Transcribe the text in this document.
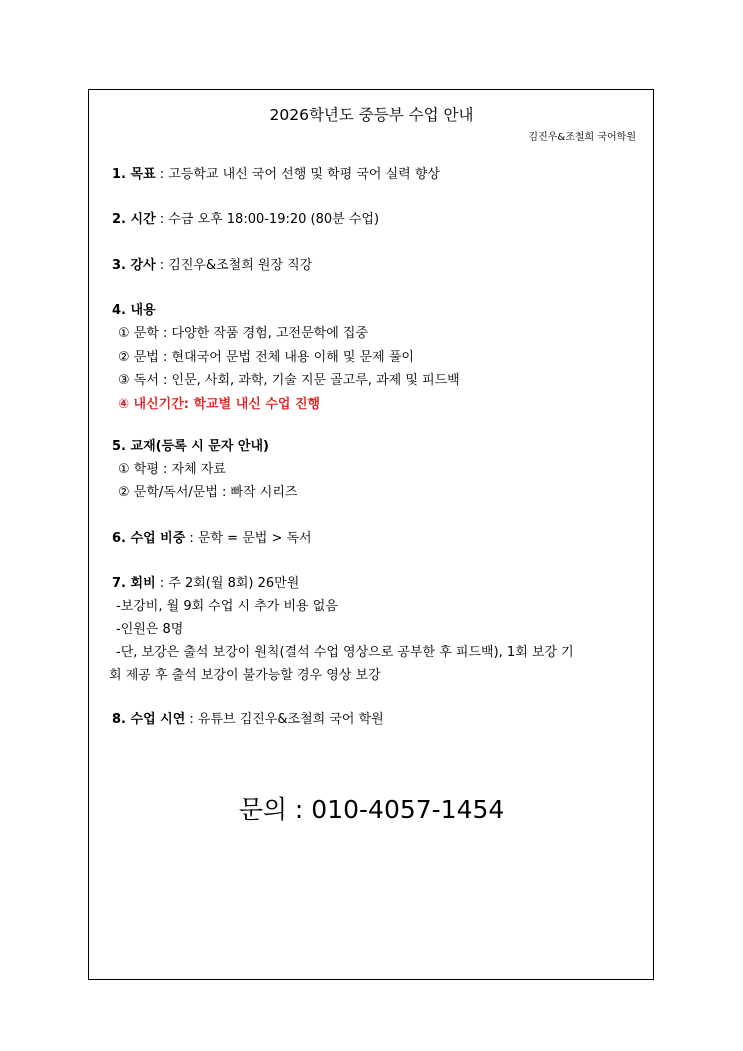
2026학년도 중등부 수업 안내
김진우&조철희 국어학원
1. 목표 : 고등학교 내신 국어 선행 및 학평 국어 실력 향상
2. 시간 : 수금 오후 18:00-19:20 (80분 수업)
3. 강사 : 김진우&조철희 원장 직강
4. 내용
① 문학 : 다양한 작품 경험, 고전문학에 집중
② 문법 : 현대국어 문법 전체 내용 이해 및 문제 풀이
③ 독서 : 인문, 사회, 과학, 기술 지문 골고루, 과제 및 피드백
④ 내신기간: 학교별 내신 수업 진행
5. 교재(등록 시 문자 안내)
① 학평 : 자체 자료
② 문학/독서/문법 : 빠작 시리즈
6. 수업 비중 : 문학 = 문법 > 독서
7. 회비 : 주 2회(월 8회) 26만원
-보강비, 월 9회 수업 시 추가 비용 없음
-인원은 8명
-단, 보강은 출석 보강이 원칙(결석 수업 영상으로 공부한 후 피드백), 1회 보강 기
회 제공 후 출석 보강이 불가능할 경우 영상 보강
8. 수업 시연 : 유튜브 김진우&조철희 국어 학원
문의 : 010-4057-1454
